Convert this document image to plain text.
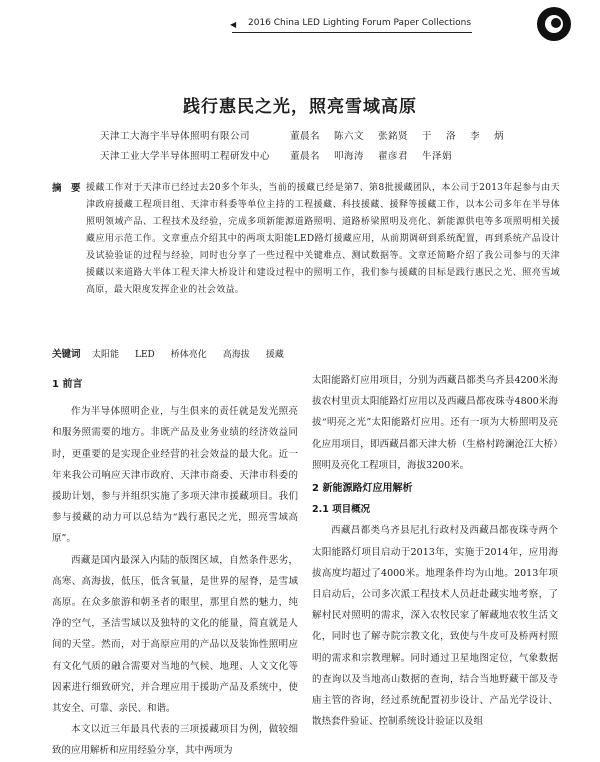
◀ 2016 China LED Lighting Forum Paper Collections
践行惠民之光，照亮雪域高原
天津工大海宇半导体照明有限公司	董晨名 陈六文 张銘贤 于 洛 李 炳
天津工业大学半导体照明工程研发中心	董晨名 叩海涛 翟彦君 牛泽娟
摘　要 援藏工作对于天津市已经过去20多个年头，当前的援藏已经是第7、第8批援藏团队，本公司于2013年起参与由天津政府援藏工程项目组、天津市科委等单位主持的工程援藏、科技援藏、援释等援藏工作，以本公司多年在半导体照明领域产品、工程技术及经验，完成多项新能源道路照明、道路桥梁照明及亮化、新能源供电等多项照明相关援藏应用示范工作。文章重点介绍其中的两项太阳能LED路灯援藏应用，从前期调研到系统配置，再到系统产品设计及试验验证的过程与经验，同时也分享了一些过程中关键难点、测试数据等。文章还简略介绍了我公司参与的天津援藏以来道路大半体工程天津大桥设计和建设过程中的照明工作，我们参与援藏的目标是践行惠民之光、照亮雪域高原，最大限度发挥企业的社会效益。
关键词	太阳能 LED 桥体亮化 高海拔 援藏

1 前言

作为半导体照明企业，与生俱来的责任就是发光照亮和服务照需要的地方。非既产品及业务业绩的经济效益同时，更重要的是实现企业经营的社会效益的最大化。近一年来我公司响应天津市政府、天津市商委、天津市科委的援助计划，参与并组织实施了多项天津市援藏项目。我们参与援藏的动力可以总结为“践行惠民之光，照亮雪域高原”。

西藏是国内最深入内陆的版图区域，自然条件恶劣，高寒、高海拔，低压，低含氧量，是世界的屋脊，是雪域高原。在众多旅游和朝圣者的眼里，那里自然的魅力，纯净的空气，圣洁雪域以及独特的文化的能量，简直就是人间的天堂。然而，对于高原应用的产品以及装饰性照明应有文化气质的融合需要对当地的气候、地理、人文文化等因素进行细致研究，并合理应用于援助产品及系统中，使其安全、可靠、亲民、和谐。

本文以近三年最具代表的三项援藏项目为例，做较细致的应用解析和应用经验分享，其中两项为

太阳能路灯应用项目，分别为西藏昌都类乌齐县4200米海拔农村里贡太阳能路灯应用以及西藏昌都夜珠寺4800米海拔“明亮之光”太阳能路灯应用。还有一项为大桥照明及亮化应用项目，即西藏昌都天津大桥（生格村跨澜沧江大桥）照明及亮化工程项目，海拔3200米。

2 新能源路灯应用解析

2.1 项目概况

西藏昌都类乌齐县尼扎行政村及西藏昌都夜珠寺两个太阳能路灯项目启动于2013年，实施于2014年，应用海拔高度均超过了4000米。地理条件均为山地。2013年项目启动后，公司多次派工程技术人员赶赴藏实地考察，了解村民对照明的需求，深入农牧民家了解藏地农牧生活文化，同时也了解寺院宗教文化，致使与牛皮可及桥两村照明的需求和宗教理解。同时通过卫星地图定位，气象数据的查询以及当地高山数据的查询，结合当地野藏干部及寺庙主管的咨询，经过系统配置初步设计、产品光学设计、散热套件验证、控制系统设计验证以及组
